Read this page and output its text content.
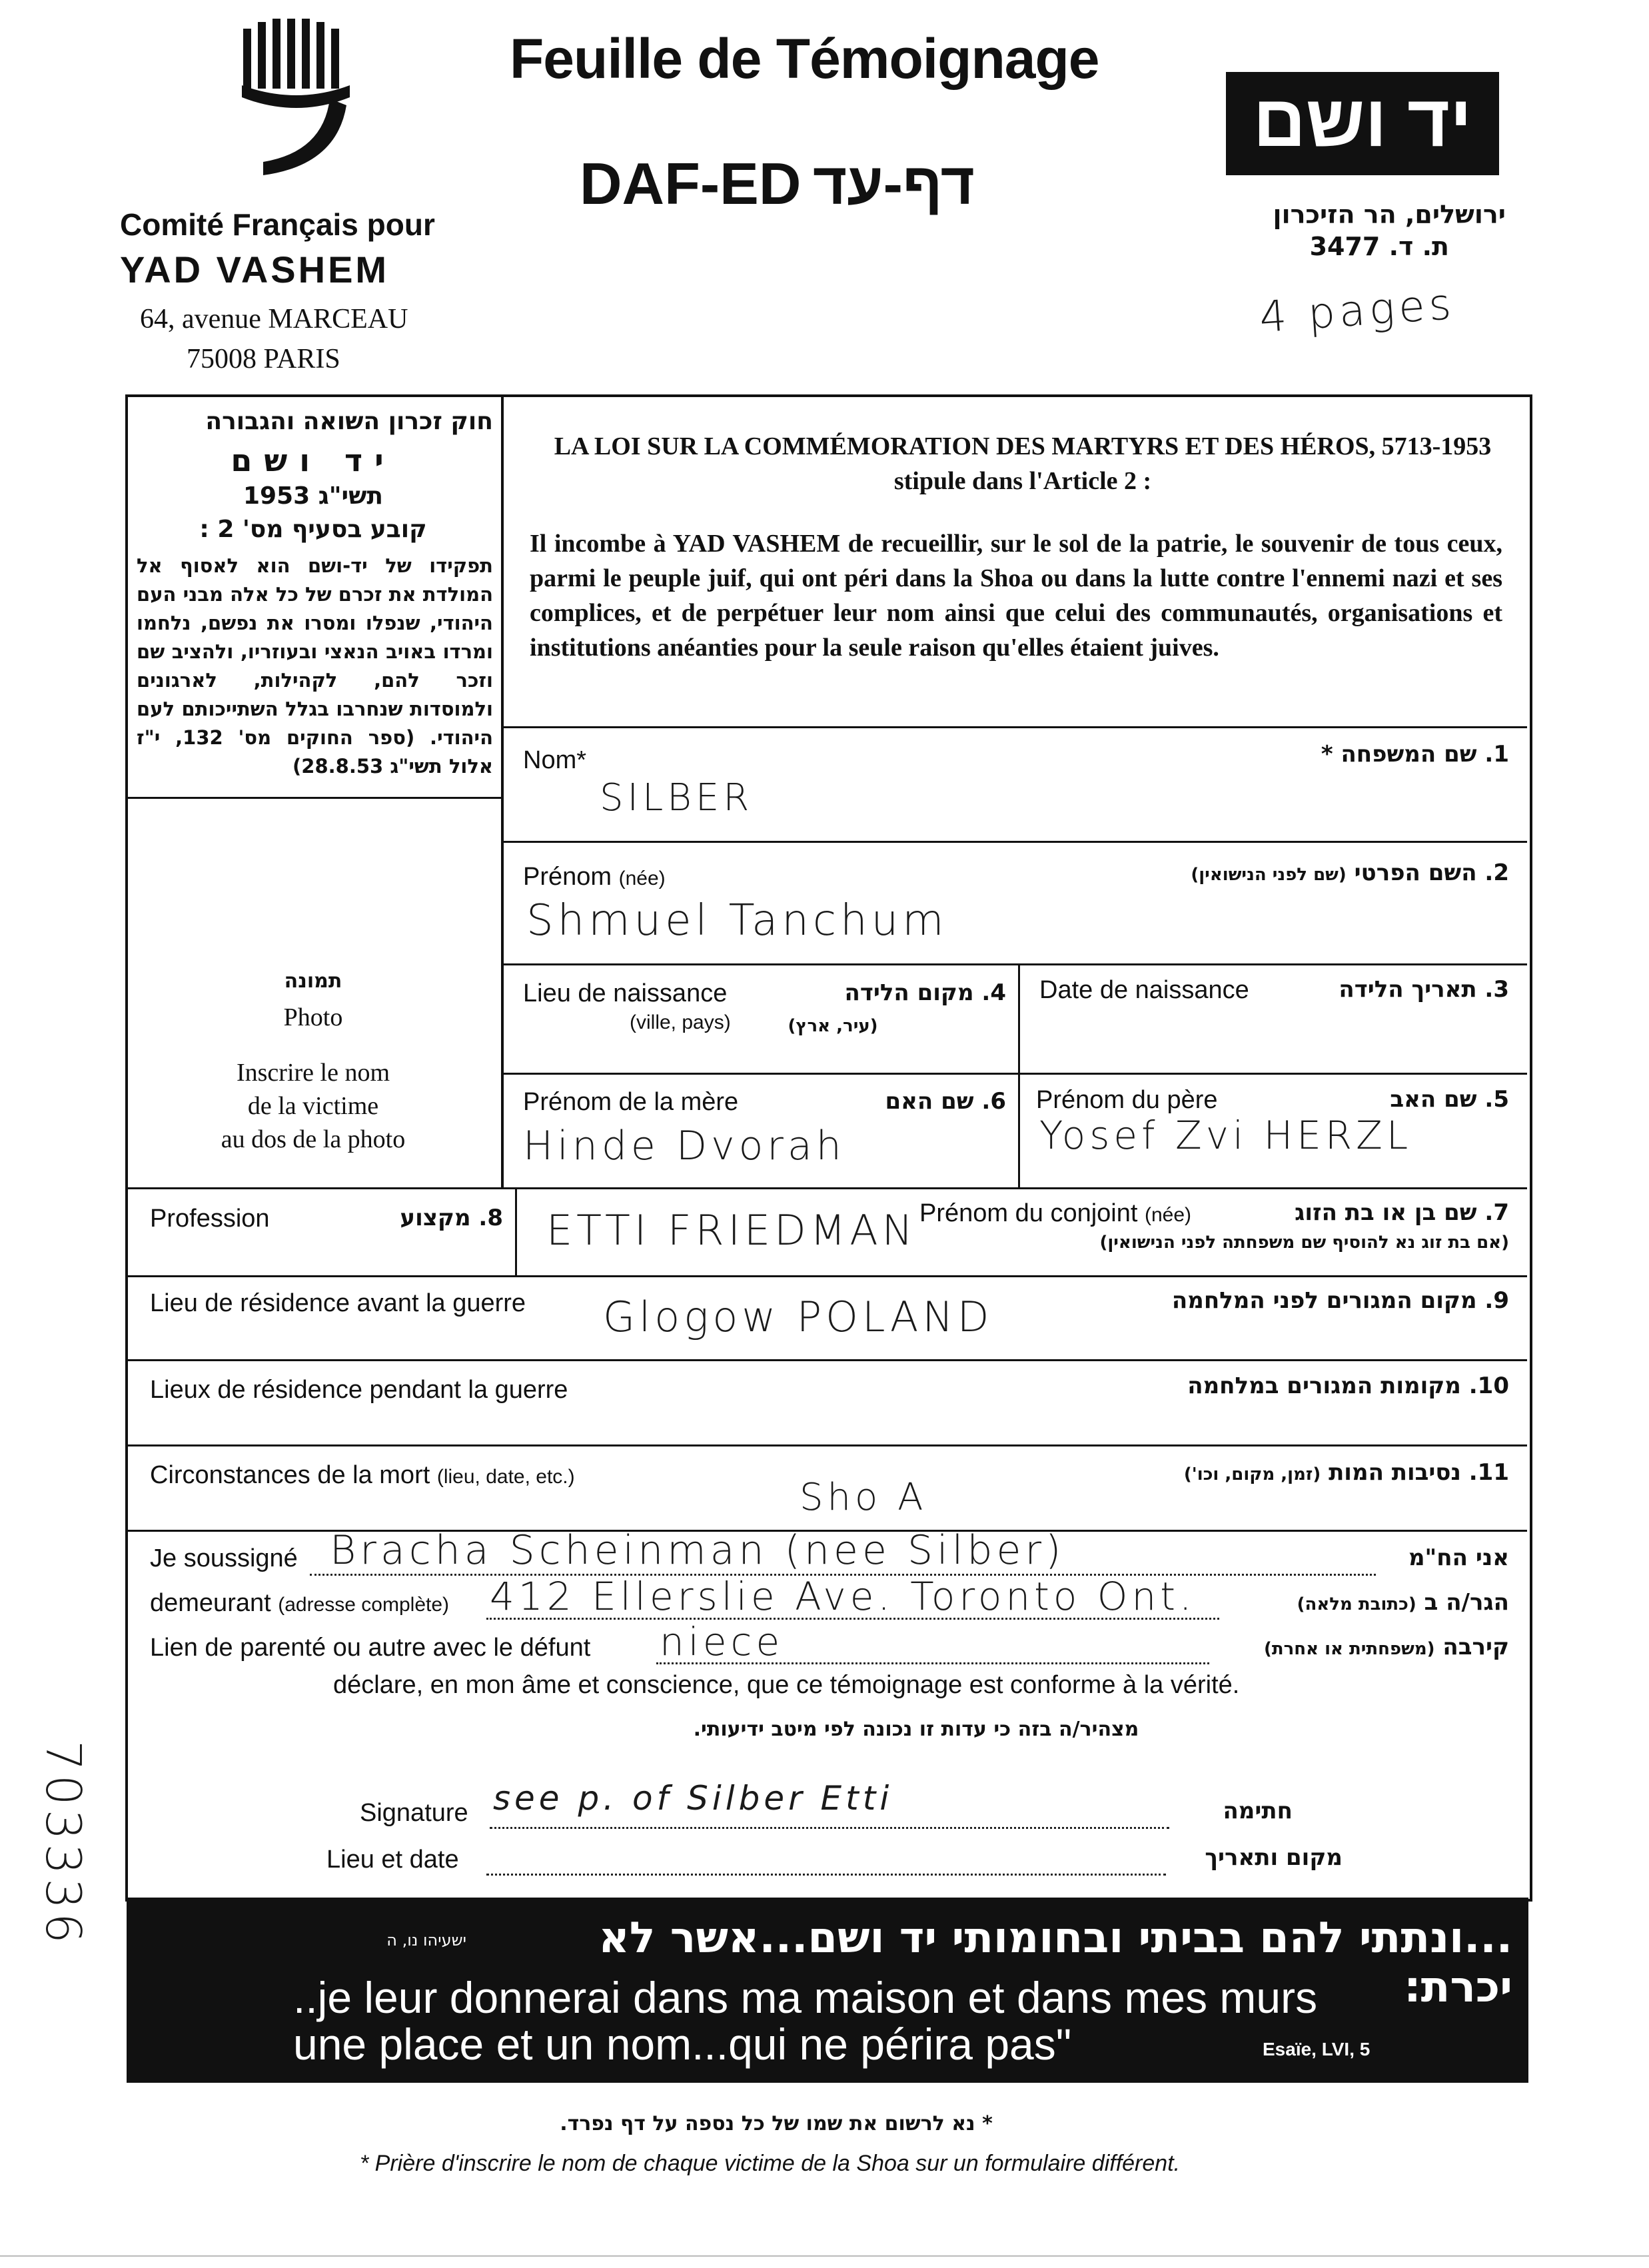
Comité Français pour
YAD VASHEM
64, avenue MARCEAU
75008 PARIS
Feuille de Témoignage
DAF-ED דף-עד
יד ושם
ירושלים, הר הזיכרון
ת. ד. 3477
4 pages
חוק זכרון השואה והגבורה
יד ושם
תשי"ג 1953
קובע בסעיף מס' 2 :
תפקידו של יד-ושם הוא לאסוף אל המולדת את זכרם של כל אלה מבני העם היהודי, שנפלו ומסרו את נפשם, נלחמו ומרדו באויב הנאצי ובעוזריו, ולהציב שם וזכר להם, לקהילות, לארגונים ולמוסדות שנחרבו בגלל השתייכותם לעם היהודי. (ספר החוקים מס' 132, י"ז אלול תשי"ג 28.8.53)
LA LOI SUR LA COMMÉMORATION DES MARTYRS ET DES HÉROS, 5713-1953
stipule dans l'Article 2 :
Il incombe à YAD VASHEM de recueillir, sur le sol de la patrie, le souvenir de tous ceux, parmi le peuple juif, qui ont péri dans la Shoa ou dans la lutte contre l'ennemi nazi et ses complices, et de perpétuer leur nom ainsi que celui des communautés, organisations et institutions anéanties pour la seule raison qu'elles étaient juives.
תמונה
Photo
Inscrire le nom
de la victime
au dos de la photo
Nom*	1. שם המשפחה *
SILBER
Prénom (née)	2. השם הפרטי (שם לפני הנישואין)
Shmuel Tanchum
Lieu de naissance
(ville, pays)
4. מקום הלידה
(עיר, ארץ)
Date de naissance	3. תאריך הלידה
Prénom de la mère	6. שם האם
Hinde Dvorah
Prénom du père	5. שם האב
Yosef Zvi HERZL
Profession	8. מקצוע	Prénom du conjoint (née)	7. שם בן או בת הזוג
(אם בת זוג נא להוסיף שם משפחתה לפני הנישואין)
ETTI FRIEDMAN
Lieu de résidence avant la guerre	9. מקום המגורים לפני המלחמה
Glogow POLAND
Lieux de résidence pendant la guerre	10. מקומות המגורים במלחמה
Circonstances de la mort (lieu, date, etc.)	11. נסיבות המות (זמן, מקום, וכו')
Sho A
Je soussigné Bracha Scheinman (nee Silber)	אני הח"מ
demeurant (adresse complète) 412 Ellerslie Ave. Toronto Ont.	הגר/ה ב (כתובת מלאה)
Lien de parenté ou autre avec le défunt niece	קירבה (משפחתית או אחרת)
déclare, en mon âme et conscience, que ce témoignage est conforme à la vérité.
מצהיר/ה בזה כי עדות זו נכונה לפי מיטב ידיעותי.
Signature see p. of Silber Etti	חתימה
Lieu et date	מקום ותאריך
703336	...ונתתי להם בביתי ובחומותי יד ושם...אשר לא יכרת:
ישעיהו נו, ה
..je leur donnerai dans ma maison et dans mes murs
une place et un nom...qui ne périra pas"	Esaïe, LVI, 5
* נא לרשום את שמו של כל נספה על דף נפרד.
* Prière d'inscrire le nom de chaque victime de la Shoa sur un formulaire différent.
